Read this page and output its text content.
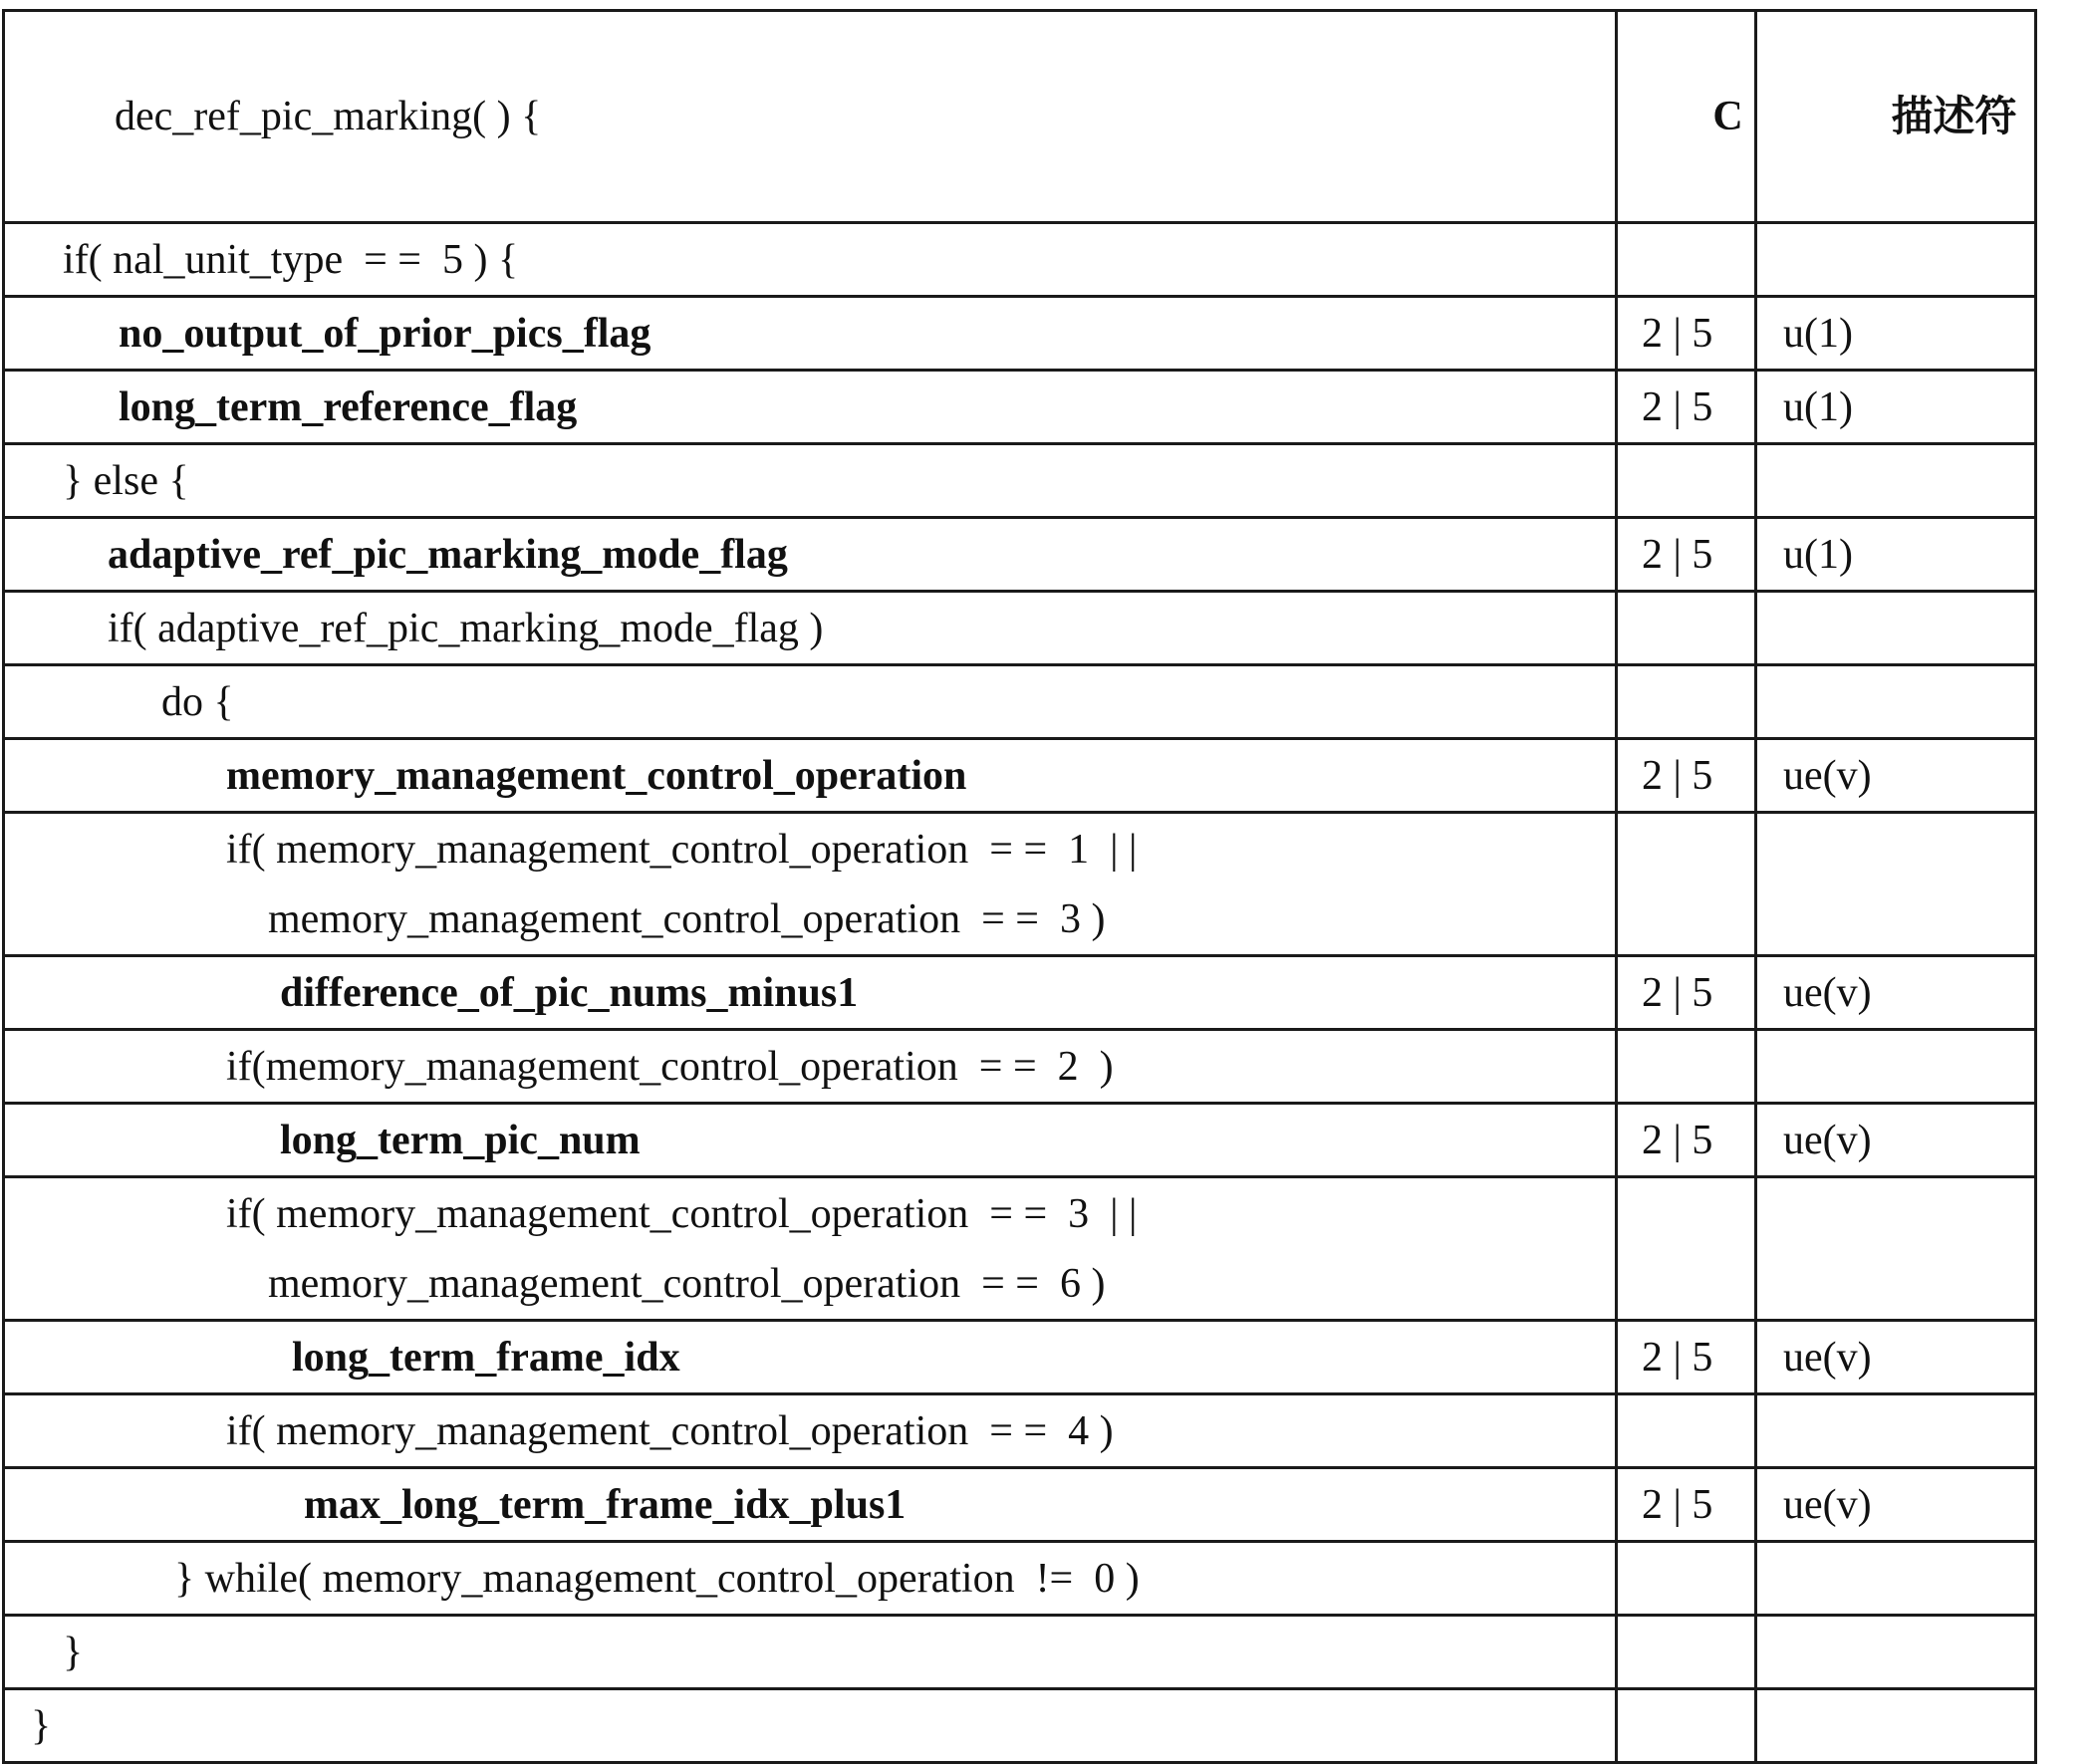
dec_ref_pic_marking( ) {	C	描述符

if( nal_unit_type  = =  5 ) {		

no_output_of_prior_pics_flag	2 | 5	u(1)

long_term_reference_flag	2 | 5	u(1)

} else {		

adaptive_ref_pic_marking_mode_flag	2 | 5	u(1)

if( adaptive_ref_pic_marking_mode_flag )		

do {		

memory_management_control_operation	2 | 5	ue(v)

if( memory_management_control_operation  = =  1  | |
memory_management_control_operation  = =  3 )		

difference_of_pic_nums_minus1	2 | 5	ue(v)

if(memory_management_control_operation  = =  2  )		

long_term_pic_num	2 | 5	ue(v)

if( memory_management_control_operation  = =  3  | |
memory_management_control_operation  = =  6 )		

long_term_frame_idx	2 | 5	ue(v)

if( memory_management_control_operation  = =  4 )		

max_long_term_frame_idx_plus1	2 | 5	ue(v)

} while( memory_management_control_operation  !=  0 )		

}		

}		
